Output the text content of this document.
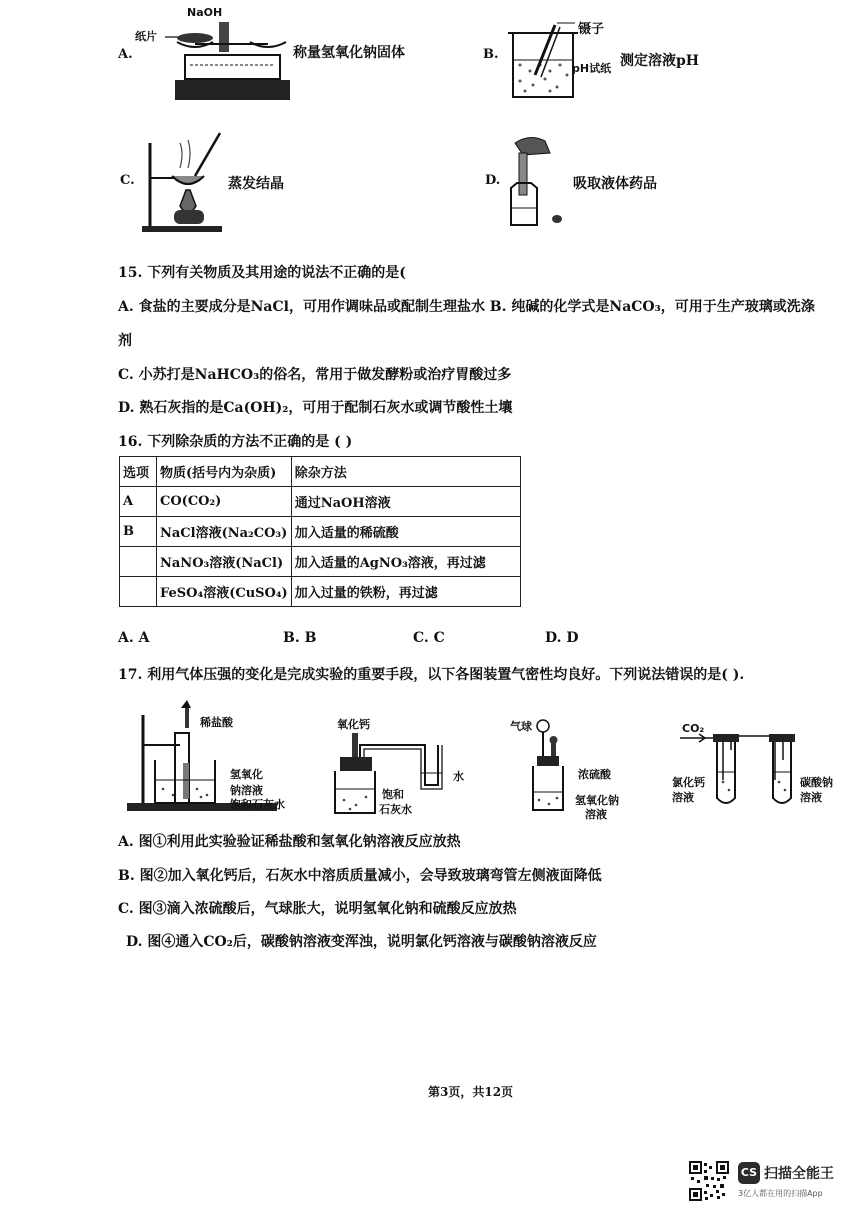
A.
NaOH
纸片
称量氢氧化钠固体	B.
镊子
pH试纸 测定溶液pH
C.	蒸发结晶	D.	吸取液体药品
15. 下列有关物质及其用途的说法不正确的是(
A. 食盐的主要成分是NaCl，可用作调味品或配制生理盐水 B. 纯碱的化学式是NaCO₃，可用于生产玻璃或洗涤
剂
C. 小苏打是NaHCO₃的俗名，常用于做发酵粉或治疗胃酸过多
D. 熟石灰指的是Ca(OH)₂，可用于配制石灰水或调节酸性土壤
16. 下列除杂质的方法不正确的是 ( )
选项	物质(括号内为杂质)	除杂方法
A	CO(CO₂)	通过NaOH溶液
B	NaCl溶液(Na₂CO₃)	加入适量的稀硫酸
	NaNO₃溶液(NaCl)	加入适量的AgNO₃溶液，再过滤
	FeSO₄溶液(CuSO₄)	加入过量的铁粉，再过滤
A. A	B. B	C. C	D. D
17. 利用气体压强的变化是完成实验的重要手段，以下各图装置气密性均良好。下列说法错误的是( ).
稀盐酸
氢氧化
钠溶液
饱和石灰水
氧化钙
水
饱和
石灰水
气球
浓硫酸
氢氧化钠
溶液
CO₂
氯化钙
溶液
碳酸钠
溶液
A. 图①利用此实验验证稀盐酸和氢氧化钠溶液反应放热
B. 图②加入氧化钙后，石灰水中溶质质量减小，会导致玻璃弯管左侧液面降低
C. 图③滴入浓硫酸后，气球胀大，说明氢氧化钠和硫酸反应放热
D. 图④通入CO₂后，碳酸钠溶液变浑浊，说明氯化钙溶液与碳酸钠溶液反应
第3页，共12页
CS 扫描全能王
3亿人都在用的扫描App
